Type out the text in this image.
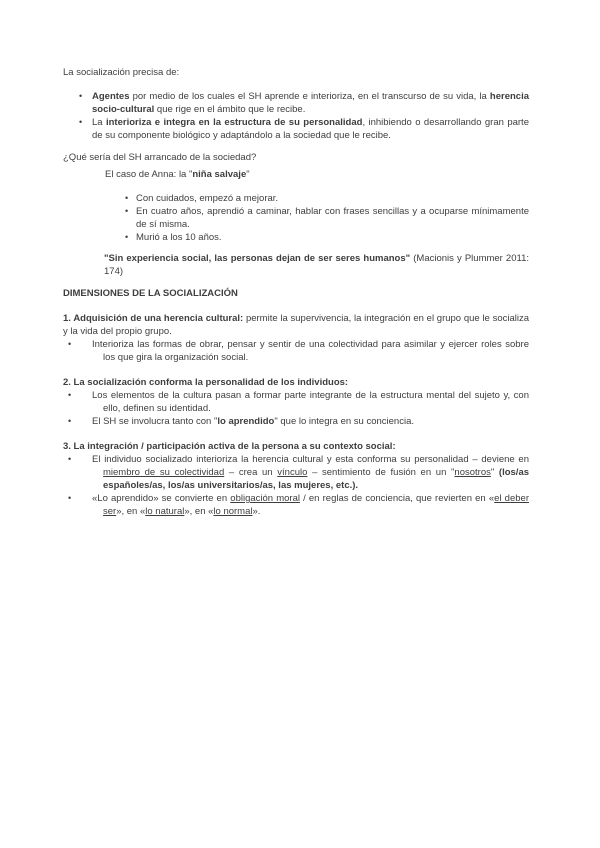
La socialización precisa de:

• Agentes por medio de los cuales el SH aprende e interioriza, en el transcurso de su vida, la herencia socio-cultural que rige en el ámbito que le recibe.
• La interioriza e integra en la estructura de su personalidad, inhibiendo o desarrollando gran parte de su componente biológico y adaptándolo a la sociedad que le recibe.

¿Qué sería del SH arrancado de la sociedad?

El caso de Anna: la "niña salvaje"

• Con cuidados, empezó a mejorar.
• En cuatro años, aprendió a caminar, hablar con frases sencillas y a ocuparse mínimamente de sí misma.
• Murió a los 10 años.

"Sin experiencia social, las personas dejan de ser seres humanos" (Macionis y Plummer 2011: 174)

DIMENSIONES DE LA SOCIALIZACIÓN

1. Adquisición de una herencia cultural: permite la supervivencia, la integración en el grupo que le socializa y la vida del propio grupo.

• Interioriza las formas de obrar, pensar y sentir de una colectividad para asimilar y ejercer roles sobre los que gira la organización social.

2. La socialización conforma la personalidad de los individuos:

• Los elementos de la cultura pasan a formar parte integrante de la estructura mental del sujeto y, con ello, definen su identidad.
• El SH se involucra tanto con "lo aprendido" que lo integra en su conciencia.

3. La integración / participación activa de la persona a su contexto social:

• El individuo socializado interioriza la herencia cultural y esta conforma su personalidad – deviene en miembro de su colectividad – crea un vínculo – sentimiento de fusión en un "nosotros" (los/as españoles/as, los/as universitarios/as, las mujeres, etc.).
• «Lo aprendido» se convierte en obligación moral / en reglas de conciencia, que revierten en «el deber ser», en «lo natural», en «lo normal».
